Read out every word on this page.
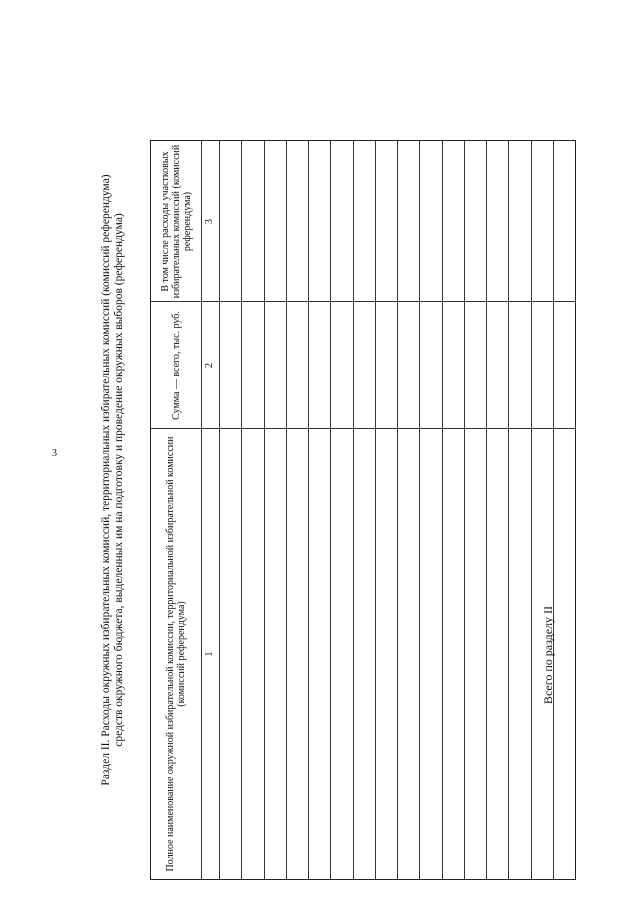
3	Раздел II. Расходы окружных избирательных комиссий, территориальных избирательных комиссий (комиссий референдума) средств окружного бюджета, выделенных им на подготовку и проведение окружных выборов (референдума)	Полное наименование окружной избирательной комиссии, территориальной избирательной комиссии (комиссий референдума)
Сумма — всего, тыс. руб.
В том числе расходы участковых избирательных комиссий (комиссий референдума)
1
2
3
Всего по разделу II
